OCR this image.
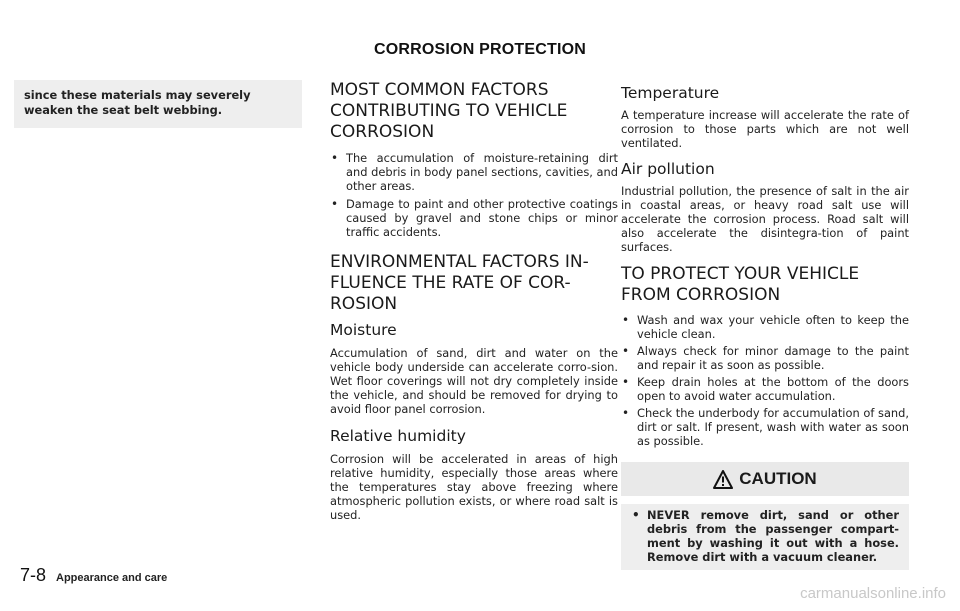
CORROSION PROTECTION
since these materials may severely weaken the seat belt webbing.
MOST COMMON FACTORS CONTRIBUTING TO VEHICLE CORROSION
• The accumulation of moisture-retaining dirt and debris in body panel sections, cavities, and other areas.
• Damage to paint and other protective coatings caused by gravel and stone chips or minor traffic accidents.
ENVIRONMENTAL FACTORS IN-FLUENCE THE RATE OF COR-ROSION
Moisture

Accumulation of sand, dirt and water on the vehicle body underside can accelerate corro-sion. Wet floor coverings will not dry completely inside the vehicle, and should be removed for drying to avoid floor panel corrosion.

Relative humidity

Corrosion will be accelerated in areas of high relative humidity, especially those areas where the temperatures stay above freezing where atmospheric pollution exists, or where road salt is used.

Temperature

A temperature increase will accelerate the rate of corrosion to those parts which are not well ventilated.

Air pollution

Industrial pollution, the presence of salt in the air in coastal areas, or heavy road salt use will accelerate the corrosion process. Road salt will also accelerate the disintegra-tion of paint surfaces.

TO PROTECT YOUR VEHICLE FROM CORROSION
• Wash and wax your vehicle often to keep the vehicle clean.
• Always check for minor damage to the paint and repair it as soon as possible.
• Keep drain holes at the bottom of the doors open to avoid water accumulation.
• Check the underbody for accumulation of sand, dirt or salt. If present, wash with water as soon as possible.
CAUTION
• NEVER remove dirt, sand or other debris from the passenger compart-ment by washing it out with a hose. Remove dirt with a vacuum cleaner.
7-8 Appearance and care
carmanualsonline.info
